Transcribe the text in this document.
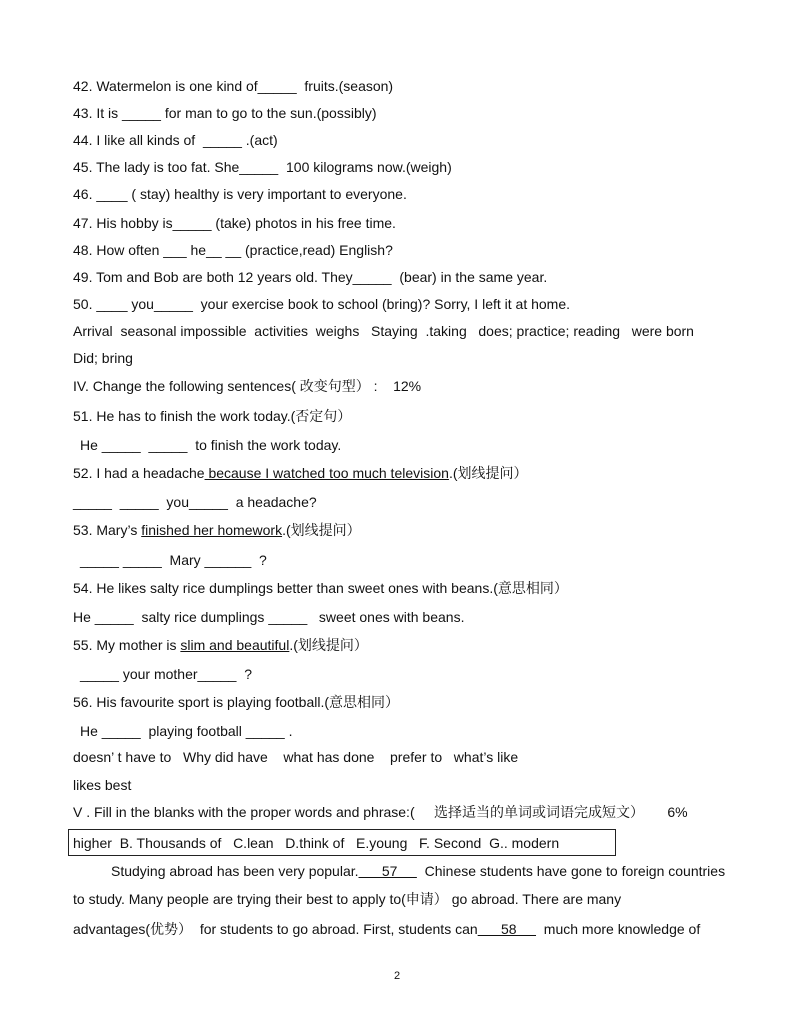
42. Watermelon is one kind of_____  fruits.(season)
43. It is _____ for man to go to the sun.(possibly)
44. I like all kinds of  _____ .(act)
45. The lady is too fat. She_____  100 kilograms now.(weigh)
46. ____ ( stay) healthy is very important to everyone.
47. His hobby is_____ (take) photos in his free time.
48. How often ___ he__ __ (practice,read) English?
49. Tom and Bob are both 12 years old. They_____  (bear) in the same year.
50. ____ you_____  your exercise book to school (bring)? Sorry, I left it at home.
Arrival  seasonal impossible  activities  weighs   Staying  .taking   does; practice; reading   were born
Did; bring
IV. Change the following sentences( 改变句型） :    12%
51. He has to finish the work today.(否定句）
He _____  _____  to finish the work today.
52. I had a headache because I watched too much television.(划线提问）
_____  _____  you_____  a headache?
53. Mary’s finished her homework.(划线提问）
_____ _____  Mary ______  ?
54. He likes salty rice dumplings better than sweet ones with beans.(意思相同）
He _____  salty rice dumplings _____   sweet ones with beans.
55. My mother is slim and beautiful.(划线提问）
_____ your mother_____  ?
56. His favourite sport is playing football.(意思相同）
He _____  playing football _____ .
doesn’ t have to   Why did have    what has done    prefer to   what’s like
likes best
V . Fill in the blanks with the proper words and phrase:(     选择适当的单词或词语完成短文）      6%
higher  B. Thousands of   C.lean   D.think of   E.young   F. Second  G.. modern
Studying abroad has been very popular.      57       Chinese students have gone to foreign countries
to study. Many people are trying their best to apply to(申请） go abroad. There are many
advantages(优势）  for students to go abroad. First, students can      58       much more knowledge of
2
